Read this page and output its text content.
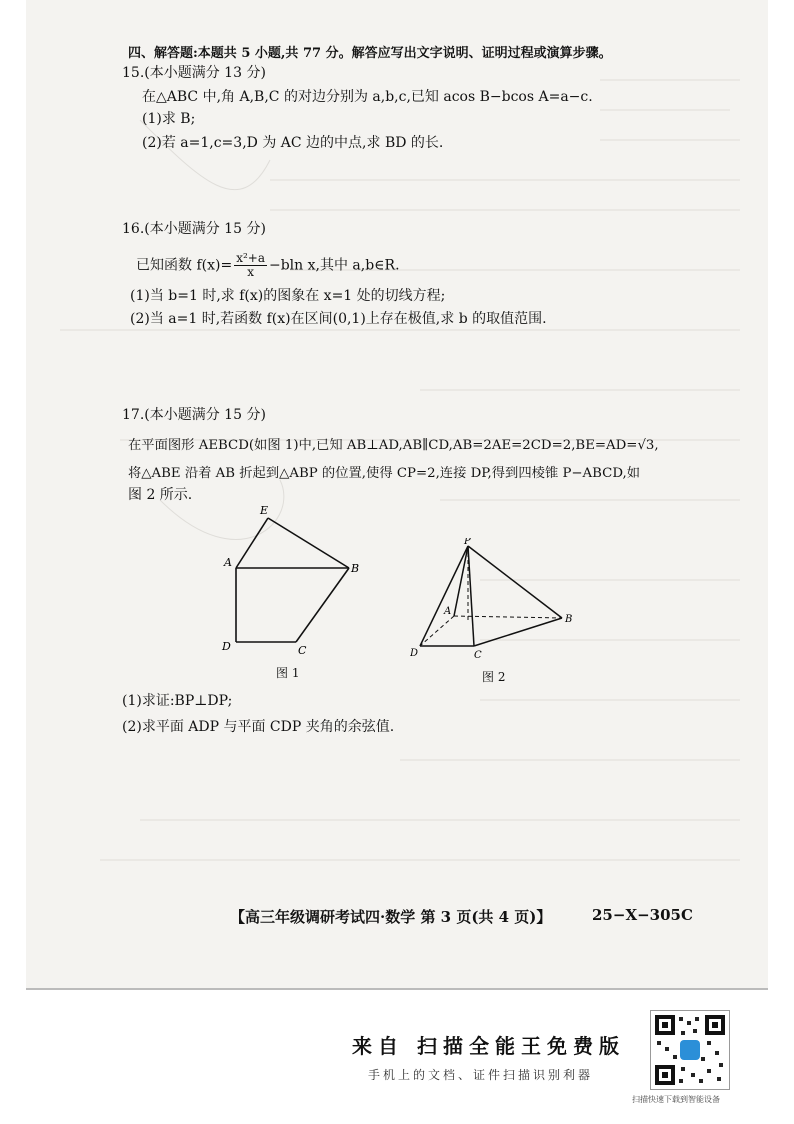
四、解答题:本题共 5 小题,共 77 分。解答应写出文字说明、证明过程或演算步骤。
15.(本小题满分 13 分)
在△ABC 中,角 A,B,C 的对边分别为 a,b,c,已知 acos B−bcos A=a−c.
(1)求 B;
(2)若 a=1,c=3,D 为 AC 边的中点,求 BD 的长.
16.(本小题满分 15 分)
已知函数 $f(x)= \frac{\text{x²+a}}{x} -bln$ x,其中 a,b∈R.
(1)当 b=1 时,求 f(x)的图象在 x=1 处的切线方程;
(2)当 a=1 时,若函数 f(x)在区间(0,1)上存在极值,求 b 的取值范围.
17.(本小题满分 15 分)
在平面图形 AEBCD(如图 1)中,已知 AB⊥AD,AB∥CD,AB=2AE=2CD=2,BE=AD=√3,
将△ABE 沿着 AB 折起到△ABP 的位置,使得 CP=2,连接 DP,得到四棱锥 P−ABCD,如
图 2 所示.
E
A	B
D	C
图 1
P
A
B
D	C
图 2
(1)求证:BP⊥DP;
(2)求平面 ADP 与平面 CDP 夹角的余弦值.
【高三年级调研考试四·数学 第 3 页(共 4 页)】	25−X−305C
来自 扫描全能王免费版
手机上的文档、证件扫描识别利器
扫描快速下载到智能设备
